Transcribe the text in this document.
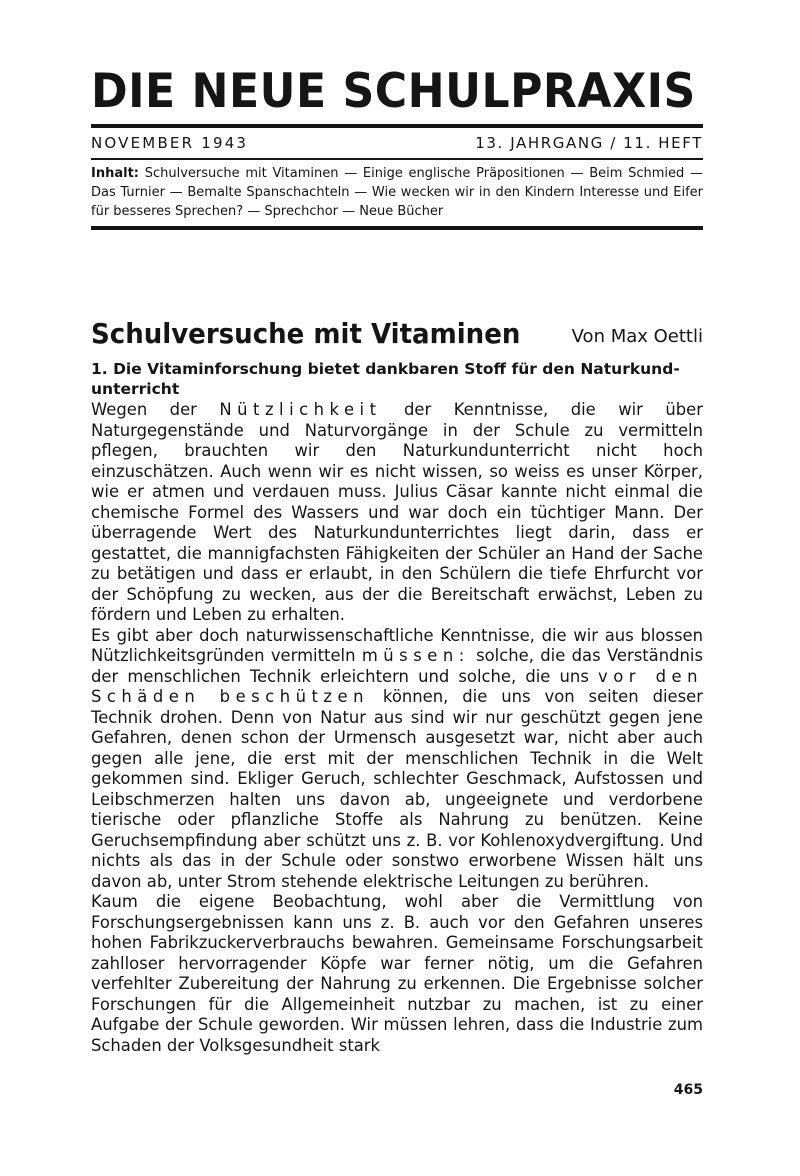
DIE NEUE SCHULPRAXIS
NOVEMBER 1943	13. JAHRGANG / 11. HEFT
Inhalt: Schulversuche mit Vitaminen — Einige englische Präpositionen — Beim Schmied — Das Turnier — Bemalte Spanschachteln — Wie wecken wir in den Kindern Interesse und Eifer für besseres Sprechen? — Sprechchor — Neue Bücher
Schulversuche mit Vitaminen	Von Max Oettli
1. Die Vitaminforschung bietet dankbaren Stoff für den Naturkund-unterricht

Wegen der Nützlichkeit der Kenntnisse, die wir über Naturgegenstände und Naturvorgänge in der Schule zu vermitteln pflegen, brauchten wir den Naturkundunterricht nicht hoch einzuschätzen. Auch wenn wir es nicht wissen, so weiss es unser Körper, wie er atmen und verdauen muss. Julius Cäsar kannte nicht einmal die chemische Formel des Wassers und war doch ein tüchtiger Mann. Der überragende Wert des Naturkundunterrichtes liegt darin, dass er gestattet, die mannigfachsten Fähigkeiten der Schüler an Hand der Sache zu betätigen und dass er erlaubt, in den Schülern die tiefe Ehrfurcht vor der Schöpfung zu wecken, aus der die Bereitschaft erwächst, Leben zu fördern und Leben zu erhalten.

Es gibt aber doch naturwissenschaftliche Kenntnisse, die wir aus blossen Nützlichkeitsgründen vermitteln müssen: solche, die das Verständnis der menschlichen Technik erleichtern und solche, die uns vor den Schäden beschützen können, die uns von seiten dieser Technik drohen. Denn von Natur aus sind wir nur geschützt gegen jene Gefahren, denen schon der Urmensch ausgesetzt war, nicht aber auch gegen alle jene, die erst mit der menschlichen Technik in die Welt gekommen sind. Ekliger Geruch, schlechter Geschmack, Aufstossen und Leibschmerzen halten uns davon ab, ungeeignete und verdorbene tierische oder pflanzliche Stoffe als Nahrung zu benützen. Keine Geruchsempfindung aber schützt uns z. B. vor Kohlenoxydvergiftung. Und nichts als das in der Schule oder sonstwo erworbene Wissen hält uns davon ab, unter Strom stehende elektrische Leitungen zu berühren.

Kaum die eigene Beobachtung, wohl aber die Vermittlung von Forschungsergebnissen kann uns z. B. auch vor den Gefahren unseres hohen Fabrikzuckerverbrauchs bewahren. Gemeinsame Forschungsarbeit zahlloser hervorragender Köpfe war ferner nötig, um die Gefahren verfehlter Zubereitung der Nahrung zu erkennen. Die Ergebnisse solcher Forschungen für die Allgemeinheit nutzbar zu machen, ist zu einer Aufgabe der Schule geworden. Wir müssen lehren, dass die Industrie zum Schaden der Volksgesundheit stark

465
